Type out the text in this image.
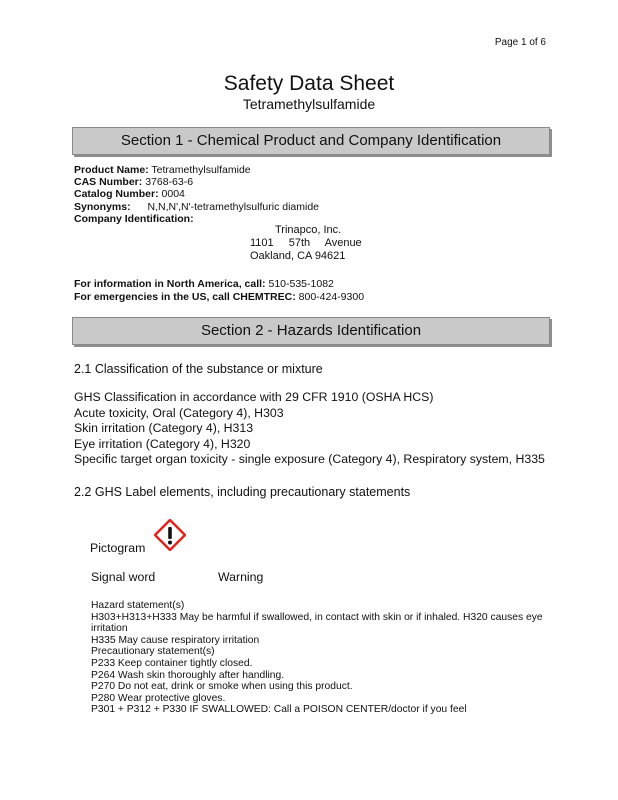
Page 1 of 6
Safety Data Sheet
Tetramethylsulfamide
Section 1 - Chemical Product and Company Identification
Product Name: Tetramethylsulfamide
CAS Number: 3768-63-6
Catalog Number: 0004
Synonyms: N,N,N',N'-tetramethylsulfuric diamide
Company Identification:
Trinapco, Inc.
1101 57th Avenue
Oakland, CA 94621
For information in North America, call: 510-535-1082
For emergencies in the US, call CHEMTREC: 800-424-9300
Section 2 - Hazards Identification
2.1 Classification of the substance or mixture
GHS Classification in accordance with 29 CFR 1910 (OSHA HCS)
Acute toxicity, Oral (Category 4), H303
Skin irritation (Category 4), H313
Eye irritation (Category 4), H320
Specific target organ toxicity - single exposure (Category 4), Respiratory system, H335
2.2 GHS Label elements, including precautionary statements
Pictogram
Signal word	Warning
Hazard statement(s)
H303+H313+H333 May be harmful if swallowed, in contact with skin or if inhaled. H320 causes eye irritation
H335 May cause respiratory irritation
Precautionary statement(s)
P233 Keep container tightly closed.
P264 Wash skin thoroughly after handling.
P270 Do not eat, drink or smoke when using this product.
P280 Wear protective gloves.
P301 + P312 + P330 IF SWALLOWED: Call a POISON CENTER/doctor if you feel
